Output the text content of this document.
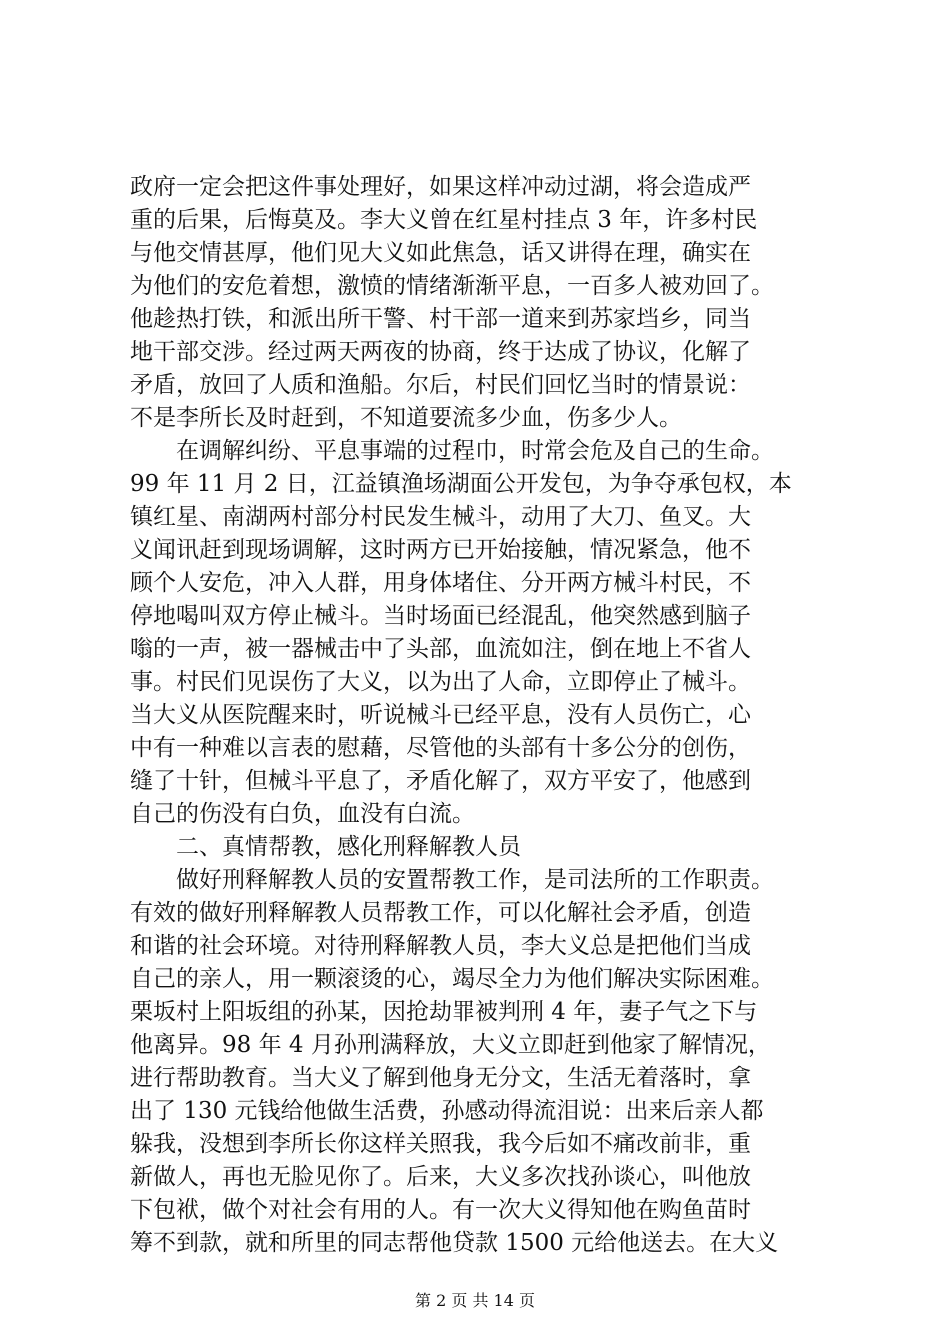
政府一定会把这件事处理好，如果这样冲动过湖，将会造成严
重的后果，后悔莫及。李大义曾在红星村挂点 3 年，许多村民
与他交情甚厚，他们见大义如此焦急，话又讲得在理，确实在
为他们的安危着想，激愤的情绪渐渐平息，一百多人被劝回了。
他趁热打铁，和派出所干警、村干部一道来到苏家垱乡，同当
地干部交涉。经过两天两夜的协商，终于达成了协议，化解了
矛盾，放回了人质和渔船。尔后，村民们回忆当时的情景说：
不是李所长及时赶到，不知道要流多少血，伤多少人。
在调解纠纷、平息事端的过程巾，时常会危及自己的生命。
99 年 11 月 2 日，江益镇渔场湖面公开发包，为争夺承包权，本
镇红星、南湖两村部分村民发生械斗，动用了大刀、鱼叉。大
义闻讯赶到现场调解，这时两方已开始接触，情况紧急，他不
顾个人安危，冲入人群，用身体堵住、分开两方械斗村民，不
停地喝叫双方停止械斗。当时场面已经混乱，他突然感到脑子
嗡的一声，被一器械击中了头部，血流如注，倒在地上不省人
事。村民们见误伤了大义，以为出了人命，立即停止了械斗。
当大义从医院醒来时，听说械斗已经平息，没有人员伤亡，心
中有一种难以言表的慰藉，尽管他的头部有十多公分的创伤，
缝了十针，但械斗平息了，矛盾化解了，双方平安了，他感到
自己的伤没有白负，血没有白流。
二、真情帮教，感化刑释解教人员
做好刑释解教人员的安置帮教工作，是司法所的工作职责。
有效的做好刑释解教人员帮教工作，可以化解社会矛盾，创造
和谐的社会环境。对待刑释解教人员，李大义总是把他们当成
自己的亲人，用一颗滚烫的心，竭尽全力为他们解决实际困难。
栗坂村上阳坂组的孙某，因抢劫罪被判刑 4 年，妻子气之下与
他离异。98 年 4 月孙刑满释放，大义立即赶到他家了解情况，
进行帮助教育。当大义了解到他身无分文，生活无着落时，拿
出了 130 元钱给他做生活费，孙感动得流泪说：出来后亲人都
躲我，没想到李所长你这样关照我，我今后如不痛改前非，重
新做人，再也无脸见你了。后来，大义多次找孙谈心，叫他放
下包袱，做个对社会有用的人。有一次大义得知他在购鱼苗时
筹不到款，就和所里的同志帮他贷款 1500 元给他送去。在大义
第 2 页 共 14 页
